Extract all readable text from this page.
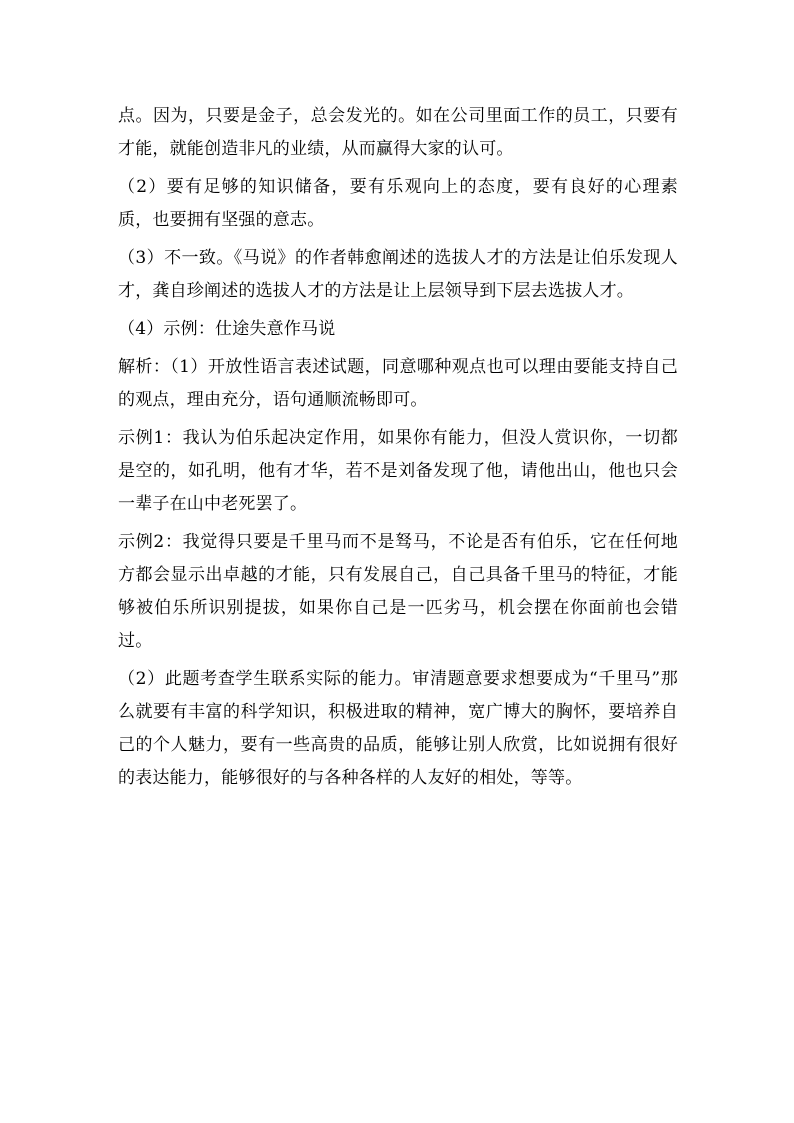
点。因为，只要是金子，总会发光的。如在公司里面工作的员工，只要有才能，就能创造非凡的业绩，从而赢得大家的认可。

（2）要有足够的知识储备，要有乐观向上的态度，要有良好的心理素质，也要拥有坚强的意志。

（3）不一致。《马说》的作者韩愈阐述的选拔人才的方法是让伯乐发现人才，龚自珍阐述的选拔人才的方法是让上层领导到下层去选拔人才。

（4）示例：仕途失意作马说

解析：（1）开放性语言表述试题，同意哪种观点也可以理由要能支持自己的观点，理由充分，语句通顺流畅即可。

示例1：我认为伯乐起决定作用，如果你有能力，但没人赏识你，一切都是空的，如孔明，他有才华，若不是刘备发现了他，请他出山，他也只会一辈子在山中老死罢了。

示例2：我觉得只要是千里马而不是驽马，不论是否有伯乐，它在任何地方都会显示出卓越的才能，只有发展自己，自己具备千里马的特征，才能够被伯乐所识别提拔，如果你自己是一匹劣马，机会摆在你面前也会错过。

（2）此题考查学生联系实际的能力。审清题意要求想要成为“千里马”那么就要有丰富的科学知识，积极进取的精神，宽广博大的胸怀，要培养自己的个人魅力，要有一些高贵的品质，能够让别人欣赏，比如说拥有很好的表达能力，能够很好的与各种各样的人友好的相处，等等。
